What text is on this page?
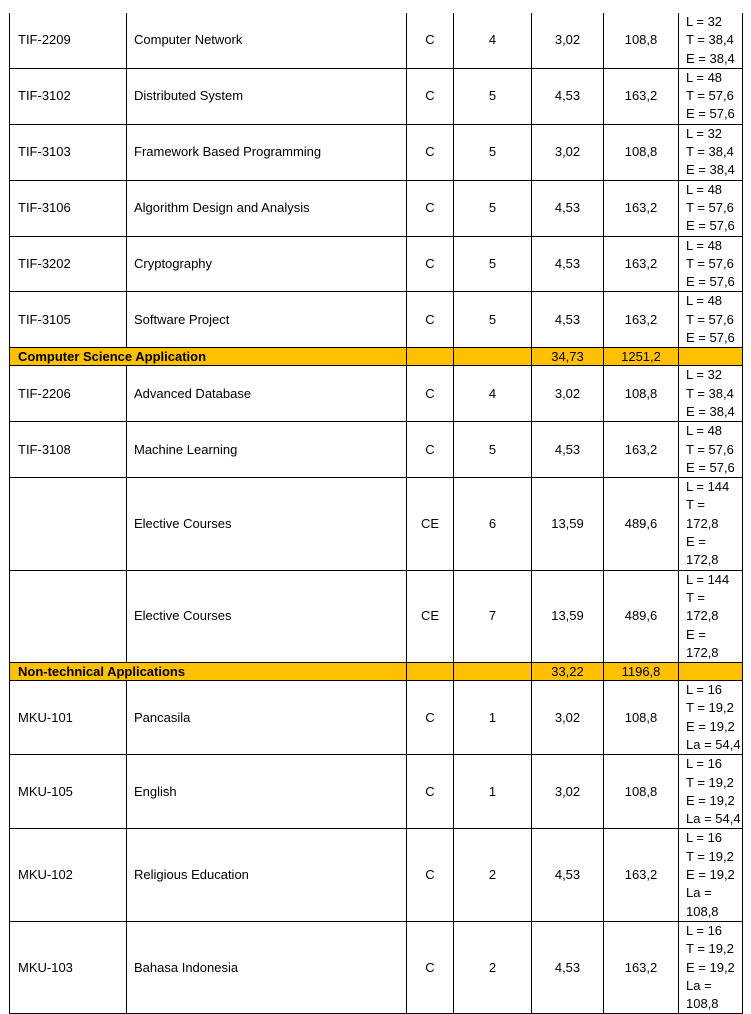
TIF-2209	Computer Network	C	4	3,02	108,8	L = 32
T = 38,4
E = 38,4

TIF-3102	Distributed System	C	5	4,53	163,2	L = 48
T = 57,6
E = 57,6

TIF-3103	Framework Based Programming	C	5	3,02	108,8	L = 32
T = 38,4
E = 38,4

TIF-3106	Algorithm Design and Analysis	C	5	4,53	163,2	L = 48
T = 57,6
E = 57,6

TIF-3202	Cryptography	C	5	4,53	163,2	L = 48
T = 57,6
E = 57,6

TIF-3105	Software Project	C	5	4,53	163,2	L = 48
T = 57,6
E = 57,6

Computer Science Application				34,73	1251,2	
TIF-2206	Advanced Database	C	4	3,02	108,8	L = 32
T = 38,4
E = 38,4

TIF-3108	Machine Learning	C	5	4,53	163,2	L = 48
T = 57,6
E = 57,6

	Elective Courses	CE	6	13,59	489,6	L = 144
T =
172,8
E =
172,8

	Elective Courses	CE	7	13,59	489,6	L = 144
T =
172,8
E =
172,8

Non-technical Applications				33,22	1196,8	
MKU-101	Pancasila	C	1	3,02	108,8	L = 16
T = 19,2
E = 19,2
La = 54,4

MKU-105	English	C	1	3,02	108,8	L = 16
T = 19,2
E = 19,2
La = 54,4

MKU-102	Religious Education	C	2	4,53	163,2	L = 16
T = 19,2
E = 19,2
La =
108,8

MKU-103	Bahasa Indonesia	C	2	4,53	163,2	L = 16
T = 19,2
E = 19,2
La =
108,8
